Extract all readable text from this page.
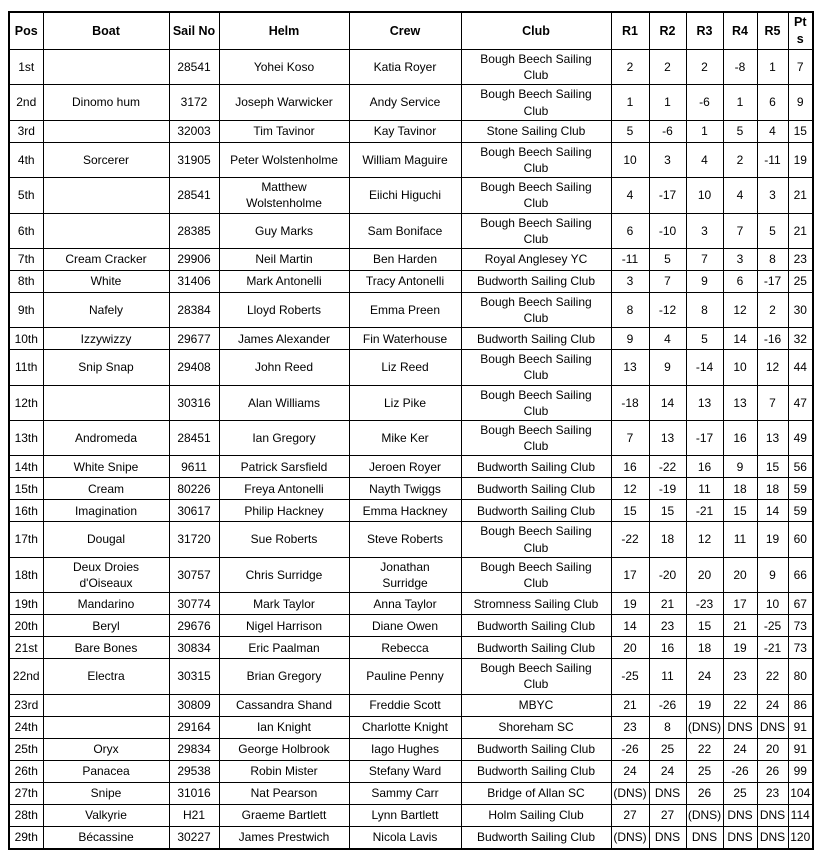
Pos	Boat	Sail No	Helm	Crew	Club	R1	R2	R3	R4	R5	Pts
1st		28541	Yohei Koso	Katia Royer	Bough Beech Sailing Club	2	2	2	-8	1	7
2nd	Dinomo hum	3172	Joseph Warwicker	Andy Service	Bough Beech Sailing Club	1	1	-6	1	6	9
3rd		32003	Tim Tavinor	Kay Tavinor	Stone Sailing Club	5	-6	1	5	4	15
4th	Sorcerer	31905	Peter Wolstenholme	William Maguire	Bough Beech Sailing Club	10	3	4	2	-11	19
5th		28541	Matthew Wolstenholme	Eiichi Higuchi	Bough Beech Sailing Club	4	-17	10	4	3	21
6th		28385	Guy Marks	Sam Boniface	Bough Beech Sailing Club	6	-10	3	7	5	21
7th	Cream Cracker	29906	Neil Martin	Ben Harden	Royal Anglesey YC	-11	5	7	3	8	23
8th	White	31406	Mark Antonelli	Tracy Antonelli	Budworth Sailing Club	3	7	9	6	-17	25
9th	Nafely	28384	Lloyd Roberts	Emma Preen	Bough Beech Sailing Club	8	-12	8	12	2	30
10th	Izzywizzy	29677	James Alexander	Fin Waterhouse	Budworth Sailing Club	9	4	5	14	-16	32
11th	Snip Snap	29408	John Reed	Liz Reed	Bough Beech Sailing Club	13	9	-14	10	12	44
12th		30316	Alan Williams	Liz Pike	Bough Beech Sailing Club	-18	14	13	13	7	47
13th	Andromeda	28451	Ian Gregory	Mike Ker	Bough Beech Sailing Club	7	13	-17	16	13	49
14th	White Snipe	9611	Patrick Sarsfield	Jeroen Royer	Budworth Sailing Club	16	-22	16	9	15	56
15th	Cream	80226	Freya Antonelli	Nayth Twiggs	Budworth Sailing Club	12	-19	11	18	18	59
16th	Imagination	30617	Philip Hackney	Emma Hackney	Budworth Sailing Club	15	15	-21	15	14	59
17th	Dougal	31720	Sue Roberts	Steve Roberts	Bough Beech Sailing Club	-22	18	12	11	19	60
18th	Deux Droies d'Oiseaux	30757	Chris Surridge	Jonathan Surridge	Bough Beech Sailing Club	17	-20	20	20	9	66
19th	Mandarino	30774	Mark Taylor	Anna Taylor	Stromness Sailing Club	19	21	-23	17	10	67
20th	Beryl	29676	Nigel Harrison	Diane Owen	Budworth Sailing Club	14	23	15	21	-25	73
21st	Bare Bones	30834	Eric Paalman	Rebecca	Budworth Sailing Club	20	16	18	19	-21	73
22nd	Electra	30315	Brian Gregory	Pauline Penny	Bough Beech Sailing Club	-25	11	24	23	22	80
23rd		30809	Cassandra Shand	Freddie Scott	MBYC	21	-26	19	22	24	86
24th		29164	Ian Knight	Charlotte Knight	Shoreham SC	23	8	(DNS)	DNS	DNS	91
25th	Oryx	29834	George Holbrook	Iago Hughes	Budworth Sailing Club	-26	25	22	24	20	91
26th	Panacea	29538	Robin Mister	Stefany Ward	Budworth Sailing Club	24	24	25	-26	26	99
27th	Snipe	31016	Nat Pearson	Sammy Carr	Bridge of Allan SC	(DNS)	DNS	26	25	23	104
28th	Valkyrie	H21	Graeme Bartlett	Lynn Bartlett	Holm Sailing Club	27	27	(DNS)	DNS	DNS	114
29th	Bécassine	30227	James Prestwich	Nicola Lavis	Budworth Sailing Club	(DNS)	DNS	DNS	DNS	DNS	120
